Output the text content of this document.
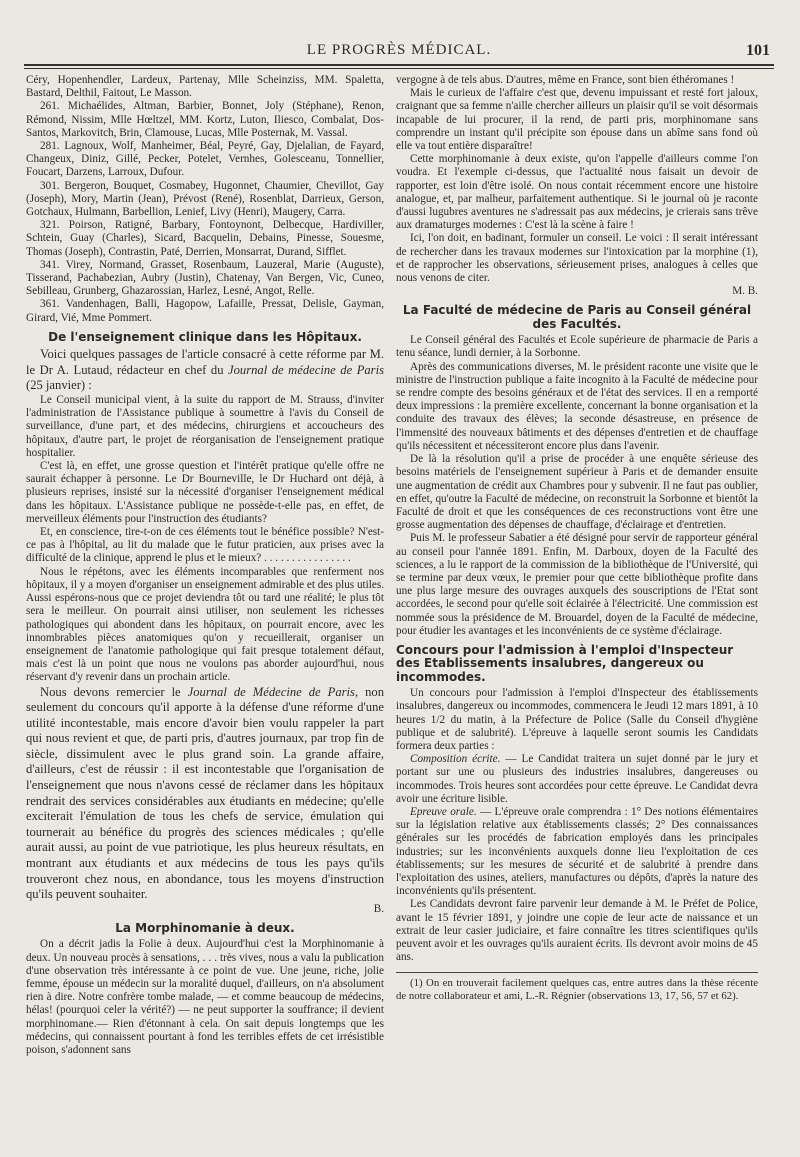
LE PROGRÈS MÉDICAL.	101

Céry, Hopenhendler, Lardeux, Partenay, Mlle Scheinziss, MM. Spaletta, Bastard, Delthil, Faitout, Le Masson.

261. Michaélides, Altman, Barbier, Bonnet, Joly (Stéphane), Renon, Rémond, Nissim, Mlle Hœltzel, MM. Kortz, Luton, Iliesco, Combalat, Dos-Santos, Markovitch, Brin, Clamouse, Lucas, Mlle Posternak, M. Vassal.

281. Lagnoux, Wolf, Manheimer, Béal, Peyré, Gay, Djelalian, de Fayard, Changeux, Diniz, Gillé, Pecker, Potelet, Vernhes, Golesceanu, Tonnellier, Foucart, Darzens, Larroux, Dufour.

301. Bergeron, Bouquet, Cosmabey, Hugonnet, Chaumier, Chevillot, Gay (Joseph), Mory, Martin (Jean), Prévost (René), Rosenblat, Darrieux, Gerson, Gotchaux, Hulmann, Barbellion, Lenief, Livy (Henri), Maugery, Carra.

321. Poirson, Ratigné, Barbary, Fontoynont, Delbecque, Hardiviller, Schtein, Guay (Charles), Sicard, Bacquelin, Debains, Pinesse, Souesme, Thomas (Joseph), Contrastin, Paté, Derrien, Monsarrat, Durand, Sifflet.

341. Virey, Normand, Grasset, Rosenbaum, Lauzeral, Marie (Auguste), Tisserand, Pachabezian, Aubry (Justin), Chatenay, Van Bergen, Vic, Cuneo, Sebilleau, Grunberg, Ghazarossian, Harlez, Lesné, Angot, Relle.

361. Vandenhagen, Balli, Hagopow, Lafaille, Pressat, Delisle, Gayman, Girard, Vié, Mme Pommert.

De l'enseignement clinique dans les Hôpitaux.

Voici quelques passages de l'article consacré à cette réforme par M. le Dr A. Lutaud, rédacteur en chef du Journal de médecine de Paris (25 janvier) :

Le Conseil municipal vient, à la suite du rapport de M. Strauss, d'inviter l'administration de l'Assistance publique à soumettre à l'avis du Conseil de surveillance, d'une part, et des médecins, chirurgiens et accoucheurs des hôpitaux, d'autre part, le projet de réorganisation de l'enseignement pratique hospitalier.

C'est là, en effet, une grosse question et l'intérêt pratique qu'elle offre ne saurait échapper à personne. Le Dr Bourneville, le Dr Huchard ont déjà, à plusieurs reprises, insisté sur la nécessité d'organiser l'enseignement médical dans les hôpitaux. L'Assistance publique ne possède-t-elle pas, en effet, de merveilleux éléments pour l'instruction des étudiants?

Et, en conscience, tire-t-on de ces éléments tout le bénéfice possible? N'est-ce pas à l'hôpital, au lit du malade que le futur praticien, aux prises avec la difficulté de la clinique, apprend le plus et le mieux? . . . . . . . . . . . . . . . .

Nous le répétons, avec les éléments incomparables que renferment nos hôpitaux, il y a moyen d'organiser un enseignement admirable et des plus utiles. Aussi espérons-nous que ce projet deviendra tôt ou tard une réalité; le plus tôt sera le meilleur. On pourrait ainsi utiliser, non seulement les richesses pathologiques qui abondent dans les hôpitaux, on pourrait encore, avec les innombrables pièces anatomiques qu'on y recueillerait, organiser un enseignement de l'anatomie pathologique qui fait presque totalement défaut, mais c'est là un point que nous ne voulons pas aborder aujourd'hui, nous réservant d'y revenir dans un prochain article.

Nous devons remercier le Journal de Médecine de Paris, non seulement du concours qu'il apporte à la défense d'une réforme d'une utilité incontestable, mais encore d'avoir bien voulu rappeler la part qui nous revient et que, de parti pris, d'autres journaux, par trop fin de siècle, dissimulent avec le plus grand soin. La grande affaire, d'ailleurs, c'est de réussir : il est incontestable que l'organisation de l'enseignement que nous n'avons cessé de réclamer dans les hôpitaux rendrait des services considérables aux étudiants en médecine; qu'elle exciterait l'émulation de tous les chefs de service, émulation qui tournerait au bénéfice du progrès des sciences médicales ; qu'elle aurait aussi, au point de vue patriotique, les plus heureux résultats, en montrant aux étudiants et aux médecins de tous les pays qu'ils trouveront chez nous, en abondance, tous les moyens d'instruction qu'ils peuvent souhaiter.

B.

La Morphinomanie à deux.

On a décrit jadis la Folie à deux. Aujourd'hui c'est la Morphinomanie à deux. Un nouveau procès à sensations, . . . très vives, nous a valu la publication d'une observation très intéressante à ce point de vue. Une jeune, riche, jolie femme, épouse un médecin sur la moralité duquel, d'ailleurs, on n'a absolument rien à dire. Notre confrère tombe malade, — et comme beaucoup de médecins, hélas! (pourquoi celer la vérité?) — ne peut supporter la souffrance; il devient morphinomane.— Rien d'étonnant à cela. On sait depuis longtemps que les médecins, qui connaissent pourtant à fond les terribles effets de cet irrésistible poison, s'adonnent sans

vergogne à de tels abus. D'autres, même en France, sont bien éthéromanes !

Mais le curieux de l'affaire c'est que, devenu impuissant et resté fort jaloux, craignant que sa femme n'aille chercher ailleurs un plaisir qu'il se voit désormais incapable de lui procurer, il la rend, de parti pris, morphinomane sans comprendre un instant qu'il précipite son épouse dans un abîme sans fond où elle va tout entière disparaître!

Cette morphinomanie à deux existe, qu'on l'appelle d'ailleurs comme l'on voudra. Et l'exemple ci-dessus, que l'actualité nous faisait un devoir de rapporter, est loin d'être isolé. On nous contait récemment encore une histoire analogue, et, par malheur, parfaitement authentique. Si le journal où je raconte d'aussi lugubres aventures ne s'adressait pas aux médecins, je crierais sans trêve aux dramaturges modernes : C'est là la scène à faire !

Ici, l'on doit, en badinant, formuler un conseil. Le voici : Il serait intéressant de rechercher dans les travaux modernes sur l'intoxication par la morphine (1), et de rapprocher les observations, sérieusement prises, analogues à celles que nous venons de citer.

M. B.

La Faculté de médecine de Paris au Conseil général des Facultés.

Le Conseil général des Facultés et Ecole supérieure de pharmacie de Paris a tenu séance, lundi dernier, à la Sorbonne.

Après des communications diverses, M. le président raconte une visite que le ministre de l'instruction publique a faite incognito à la Faculté de médecine pour se rendre compte des besoins généraux et de l'état des services. Il en a remporté deux impressions : la première excellente, concernant la bonne organisation et la conduite des travaux des élèves; la seconde désastreuse, en présence de l'immensité des nouveaux bâtiments et des dépenses d'entretien et de chauffage qu'ils nécessitent et nécessiteront encore plus dans l'avenir.

De là la résolution qu'il a prise de procéder à une enquête sérieuse des besoins matériels de l'enseignement supérieur à Paris et de demander ensuite une augmentation de crédit aux Chambres pour y subvenir. Il ne faut pas oublier, en effet, qu'outre la Faculté de médecine, on reconstruit la Sorbonne et bientôt la Faculté de droit et que les conséquences de ces reconstructions vont être une grosse augmentation des dépenses de chauffage, d'éclairage et d'entretien.

Puis M. le professeur Sabatier a été désigné pour servir de rapporteur général au conseil pour l'année 1891. Enfin, M. Darboux, doyen de la Faculté des sciences, a lu le rapport de la commission de la bibliothèque de l'Université, qui se termine par deux vœux, le premier pour que cette bibliothèque profite dans une plus large mesure des ouvrages auxquels des souscriptions de l'Etat sont accordées, le second pour qu'elle soit éclairée à l'électricité. Une commission est nommée sous la présidence de M. Brouardel, doyen de la Faculté de médecine, pour étudier les avantages et les inconvénients de ce système d'éclairage.

Concours pour l'admission à l'emploi d'Inspecteur des Etablissements insalubres, dangereux ou incommodes.

Un concours pour l'admission à l'emploi d'Inspecteur des établissements insalubres, dangereux ou incommodes, commencera le Jeudi 12 mars 1891, à 10 heures 1/2 du matin, à la Préfecture de Police (Salle du Conseil d'hygiène publique et de salubrité). L'épreuve à laquelle seront soumis les Candidats formera deux parties :

Composition écrite. — Le Candidat traitera un sujet donné par le jury et portant sur une ou plusieurs des industries insalubres, dangereuses ou incommodes. Trois heures sont accordées pour cette épreuve. Le Candidat devra avoir une écriture lisible.

Epreuve orale. — L'épreuve orale comprendra : 1° Des notions élémentaires sur la législation relative aux établissements classés; 2° Des connaissances générales sur les procédés de fabrication employés dans les principales industries; sur les inconvénients auxquels donne lieu l'exploitation de ces établissements; sur les mesures de sécurité et de salubrité à prendre dans l'exploitation des usines, ateliers, manufactures ou dépôts, d'après la nature des inconvénients qu'ils présentent.

Les Candidats devront faire parvenir leur demande à M. le Préfet de Police, avant le 15 février 1891, y joindre une copie de leur acte de naissance et un extrait de leur casier judiciaire, et faire connaître les titres scientifiques qu'ils peuvent avoir et les ouvrages qu'ils auraient écrits. Ils devront avoir moins de 45 ans.

(1) On en trouverait facilement quelques cas, entre autres dans la thèse récente de notre collaborateur et ami, L.-R. Régnier (observations 13, 17, 56, 57 et 62).
